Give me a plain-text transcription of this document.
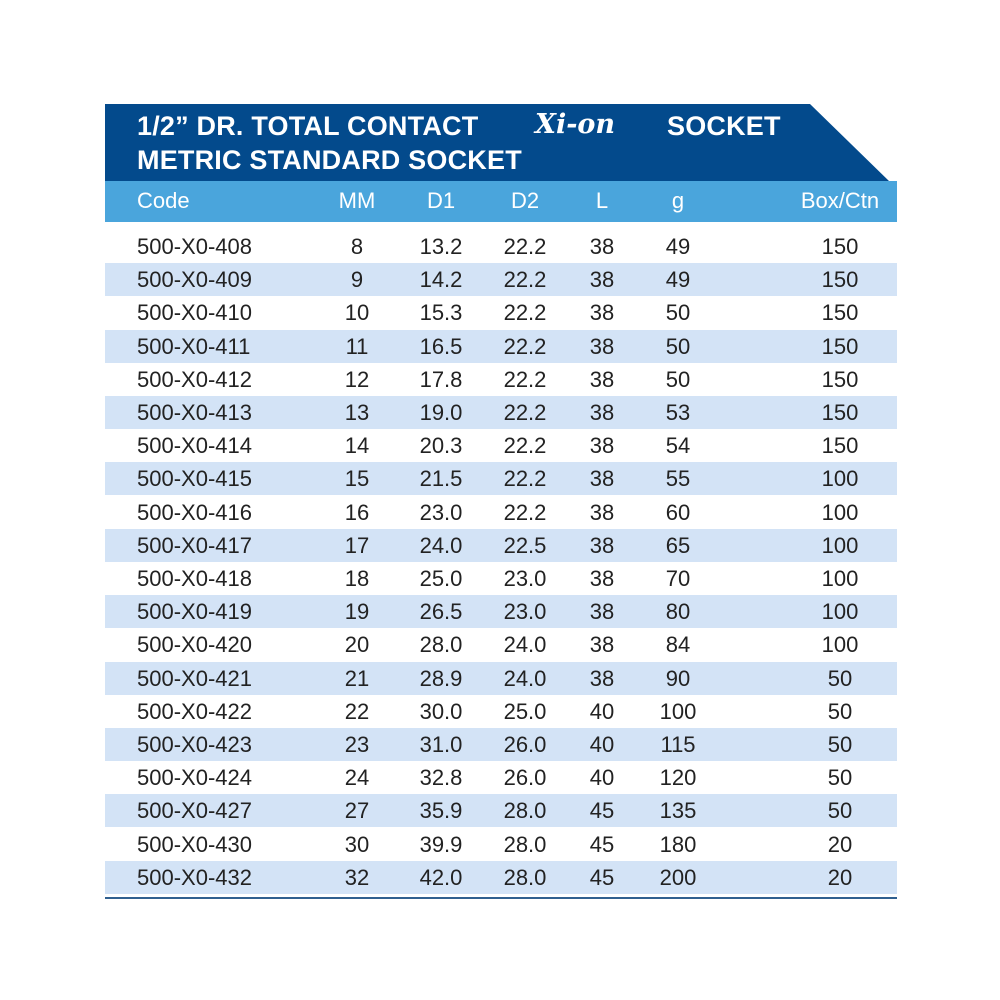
1/2” DR. TOTAL CONTACT Xi-on SOCKET
METRIC STANDARD SOCKET
Code	MM D1	D2	L	g	Box/Ctn
500-X0-408	8	13.2 22.2 38 49	150
500-X0-409	9	14.2 22.2 38 49	150
500-X0-410	10 15.3 22.2 38 50	150
500-X0-411	11 16.5 22.2 38 50	150
500-X0-412	12 17.8 22.2 38 50	150
500-X0-413	13 19.0 22.2 38 53	150
500-X0-414	14 20.3 22.2 38 54	150
500-X0-415	15 21.5 22.2 38 55	100
500-X0-416	16 23.0 22.2 38 60	100
500-X0-417	17 24.0 22.5 38 65	100
500-X0-418	18 25.0 23.0 38 70	100
500-X0-419	19 26.5 23.0 38 80	100
500-X0-420	20 28.0 24.0 38 84	100
500-X0-421	21 28.9 24.0 38 90	50
500-X0-422	22 30.0 25.0 40 100	50
500-X0-423	23 31.0 26.0 40 115	50
500-X0-424	24 32.8 26.0 40 120	50
500-X0-427	27 35.9 28.0 45 135	50
500-X0-430	30 39.9 28.0 45 180	20
500-X0-432	32 42.0 28.0 45 200	20
